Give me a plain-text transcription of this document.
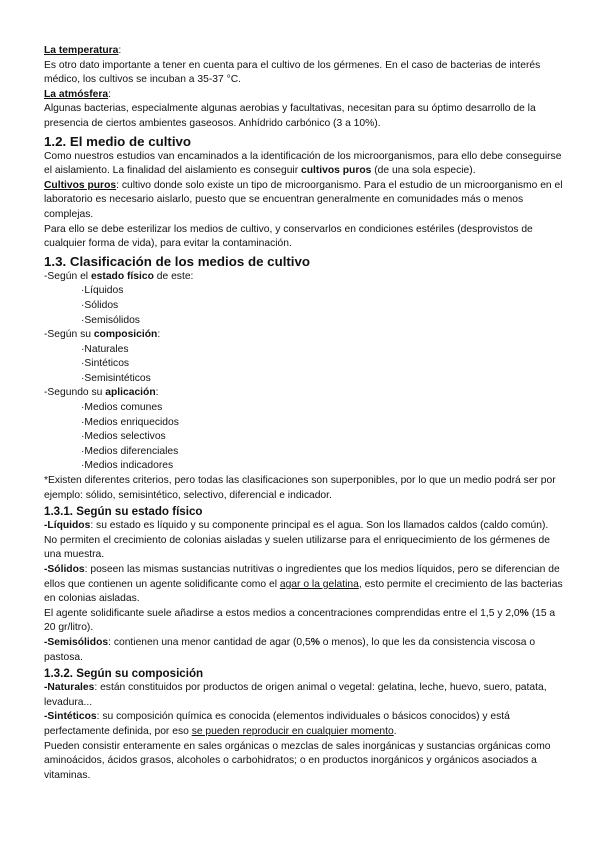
La temperatura:

Es otro dato importante a tener en cuenta para el cultivo de los gérmenes. En el caso de bacterias de interés médico, los cultivos se incuban a 35-37 °C.

La atmósfera:

Algunas bacterias, especialmente algunas aerobias y facultativas, necesitan para su óptimo desarrollo de la presencia de ciertos ambientes gaseosos. Anhídrido carbónico (3 a 10%).

1.2. El medio de cultivo

Como nuestros estudios van encaminados a la identificación de los microorganismos, para ello debe conseguirse el aislamiento. La finalidad del aislamiento es conseguir cultivos puros (de una sola especie).

Cultivos puros: cultivo donde solo existe un tipo de microorganismo. Para el estudio de un microorganismo en el laboratorio es necesario aislarlo, puesto que se encuentran generalmente en comunidades más o menos complejas.

Para ello se debe esterilizar los medios de cultivo, y conservarlos en condiciones estériles (desprovistos de cualquier forma de vida), para evitar la contaminación.

1.3. Clasificación de los medios de cultivo

-Según el estado físico de este:

·Líquidos

·Sólidos

·Semisólidos

-Según su composición:

·Naturales

·Sintéticos

·Semisintéticos

-Segundo su aplicación:

·Medios comunes

·Medios enriquecidos

·Medios selectivos

·Medios diferenciales

·Medios indicadores

*Existen diferentes criterios, pero todas las clasificaciones son superponibles, por lo que un medio podrá ser por ejemplo: sólido, semisintético, selectivo, diferencial e indicador.

1.3.1. Según su estado físico

-Líquidos: su estado es líquido y su componente principal es el agua. Son los llamados caldos (caldo común). No permiten el crecimiento de colonias aisladas y suelen utilizarse para el enriquecimiento de los gérmenes de una muestra.

-Sólidos: poseen las mismas sustancias nutritivas o ingredientes que los medios líquidos, pero se diferencian de ellos que contienen un agente solidificante como el agar o la gelatina, esto permite el crecimiento de las bacterias en colonias aisladas.

El agente solidificante suele añadirse a estos medios a concentraciones comprendidas entre el 1,5 y 2,0% (15 a 20 gr/litro).

-Semisólidos: contienen una menor cantidad de agar (0,5% o menos), lo que les da consistencia viscosa o pastosa.

1.3.2. Según su composición

-Naturales: están constituidos por productos de origen animal o vegetal: gelatina, leche, huevo, suero, patata, levadura...

-Sintéticos: su composición química es conocida (elementos individuales o básicos conocidos) y está perfectamente definida, por eso se pueden reproducir en cualquier momento.

Pueden consistir enteramente en sales orgánicas o mezclas de sales inorgánicas y sustancias orgánicas como aminoácidos, ácidos grasos, alcoholes o carbohidratos; o en productos inorgánicos y orgánicos asociados a vitaminas.
